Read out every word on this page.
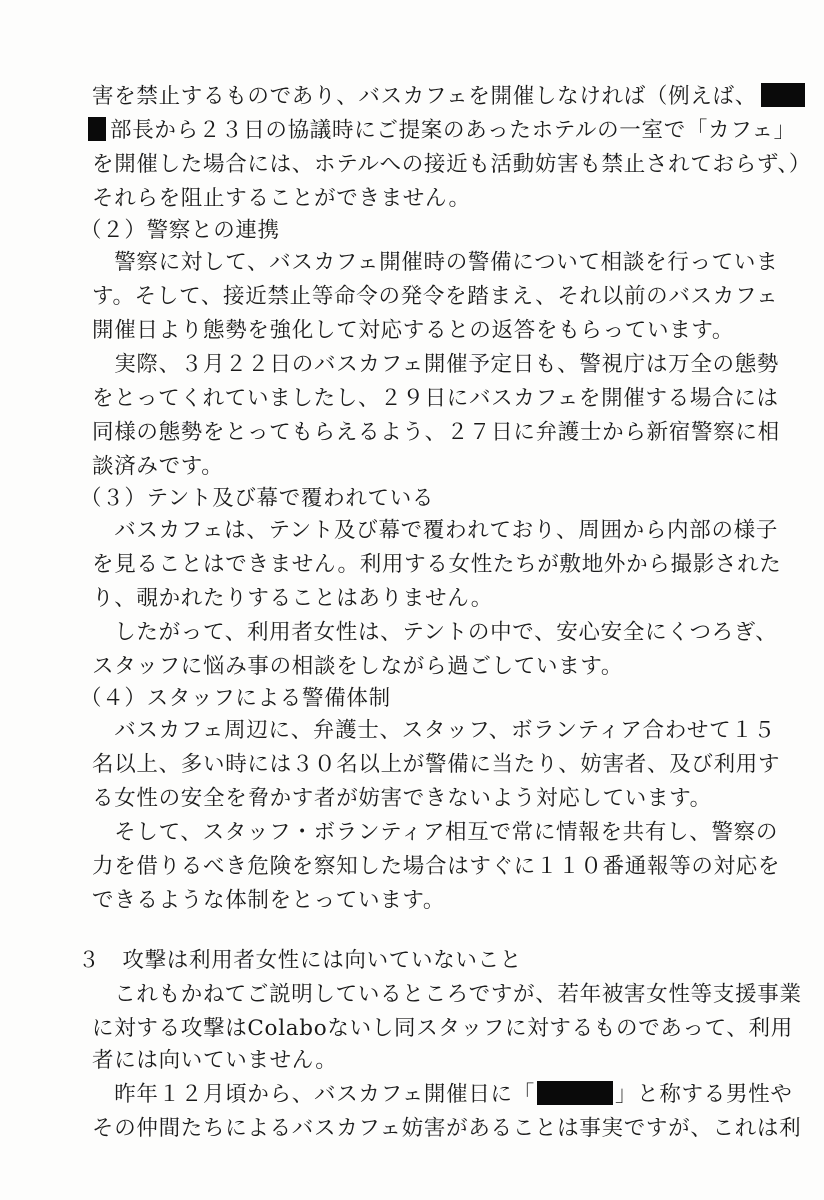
害を禁止するものであり、バスカフェを開催しなければ（例えば、
部長から２３日の協議時にご提案のあったホテルの一室で「カフェ」
を開催した場合には、ホテルへの接近も活動妨害も禁止されておらず、）
それらを阻止することができません。
（２）警察との連携
　警察に対して、バスカフェ開催時の警備について相談を行っていま
す。そして、接近禁止等命令の発令を踏まえ、それ以前のバスカフェ
開催日より態勢を強化して対応するとの返答をもらっています。
　実際、３月２２日のバスカフェ開催予定日も、警視庁は万全の態勢
をとってくれていましたし、２９日にバスカフェを開催する場合には
同様の態勢をとってもらえるよう、２７日に弁護士から新宿警察に相
談済みです。
（３）テント及び幕で覆われている
　バスカフェは、テント及び幕で覆われており、周囲から内部の様子
を見ることはできません。利用する女性たちが敷地外から撮影された
り、覗かれたりすることはありません。
　したがって、利用者女性は、テントの中で、安心安全にくつろぎ、
スタッフに悩み事の相談をしながら過ごしています。
（４）スタッフによる警備体制
　バスカフェ周辺に、弁護士、スタッフ、ボランティア合わせて１５
名以上、多い時には３０名以上が警備に当たり、妨害者、及び利用す
る女性の安全を脅かす者が妨害できないよう対応しています。
　そして、スタッフ・ボランティア相互で常に情報を共有し、警察の
力を借りるべき危険を察知した場合はすぐに１１０番通報等の対応を
できるような体制をとっています。
３　攻撃は利用者女性には向いていないこと
　これもかねてご説明しているところですが、若年被害女性等支援事業
に対する攻撃はColaboないし同スタッフに対するものであって、利用
者には向いていません。
　昨年１２月頃から、バスカフェ開催日に「	」と称する男性や
その仲間たちによるバスカフェ妨害があることは事実ですが、これは利
